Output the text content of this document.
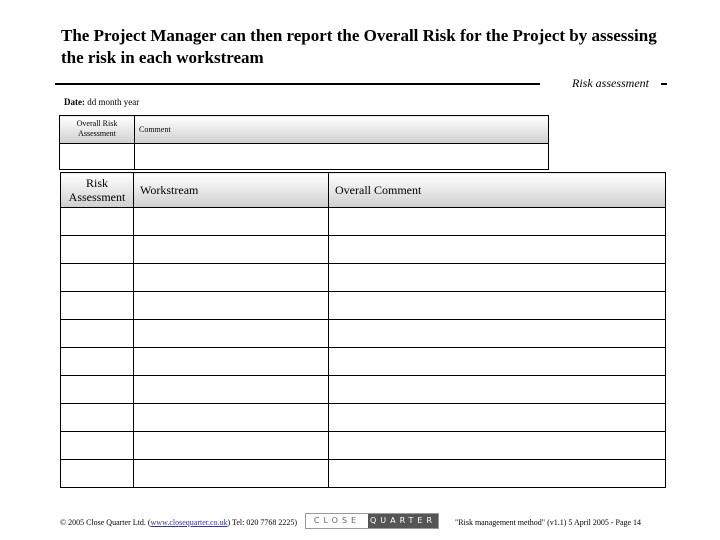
The Project Manager can then report the Overall Risk for the Project by assessing the risk in each workstream
Risk assessment
Date: dd month year
Overall Risk Assessment	Comment

Risk Assessment	Workstream	Overall Comment

© 2005 Close Quarter Ltd. (www.closequarter.co.uk) Tel: 020 7768 2225)	CLOSE	QUARTER "Risk management method" (v1.1) 5 April 2005 - Page 14
